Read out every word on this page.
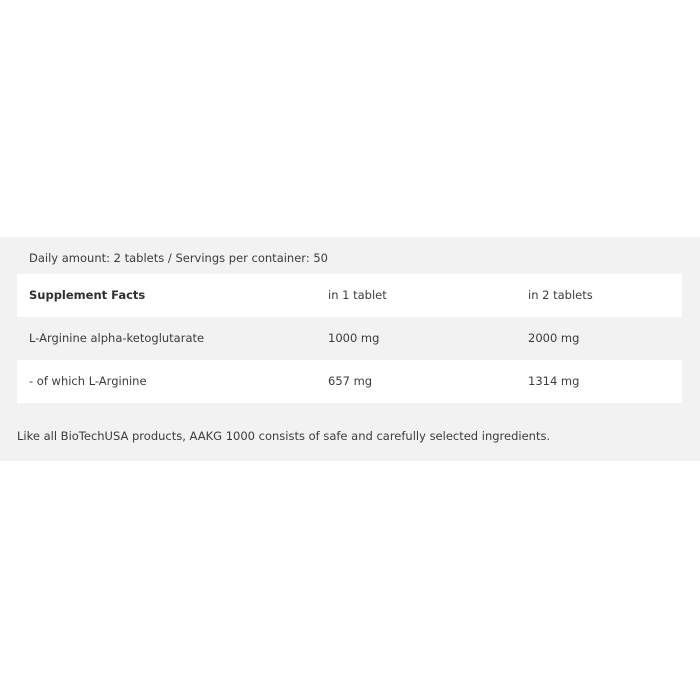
Daily amount: 2 tablets / Servings per container: 50
Supplement Facts	in 1 tablet	in 2 tablets
L-Arginine alpha-ketoglutarate	1000 mg	2000 mg
- of which L-Arginine	657 mg	1314 mg
Like all BioTechUSA products, AAKG 1000 consists of safe and carefully selected ingredients.
